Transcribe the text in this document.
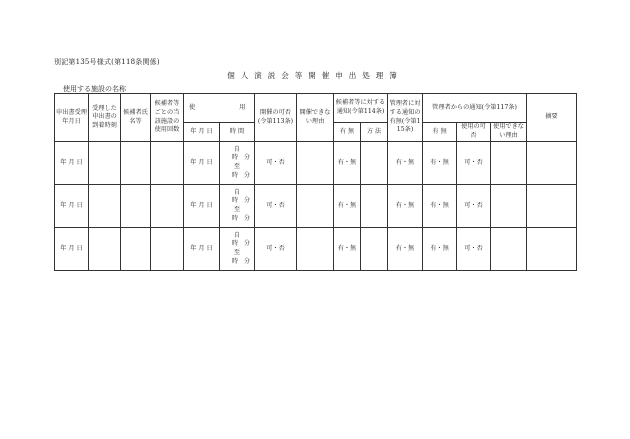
別記第135号様式(第118条関係)
個人演説会等開催申出処理簿
使用する施設の名称
申出書受理年月日	受理した申出書の到着時刻	候補者氏名等	候補者等ごとの当該施設の使用回数	使 用		開催の可否(令第113条)	開催できない理由	候補者等に対する通知(令第114条)		管理者に対する通知の有無(令第115条)	管理者からの通知(令第117条)			摘要
				年 月 日	時 間			有 無	方 法		有 無	使用の可 否	使用できない理由	
年 月 日				年 月 日	自
時　分
至
時　分	可・否		有・無		有・無	有・無	可・否		
年 月 日				年 月 日	自
時　分
至
時　分	可・否		有・無		有・無	有・無	可・否		
年 月 日				年 月 日	自
時　分
至
時　分	可・否		有・無		有・無	有・無	可・否		
